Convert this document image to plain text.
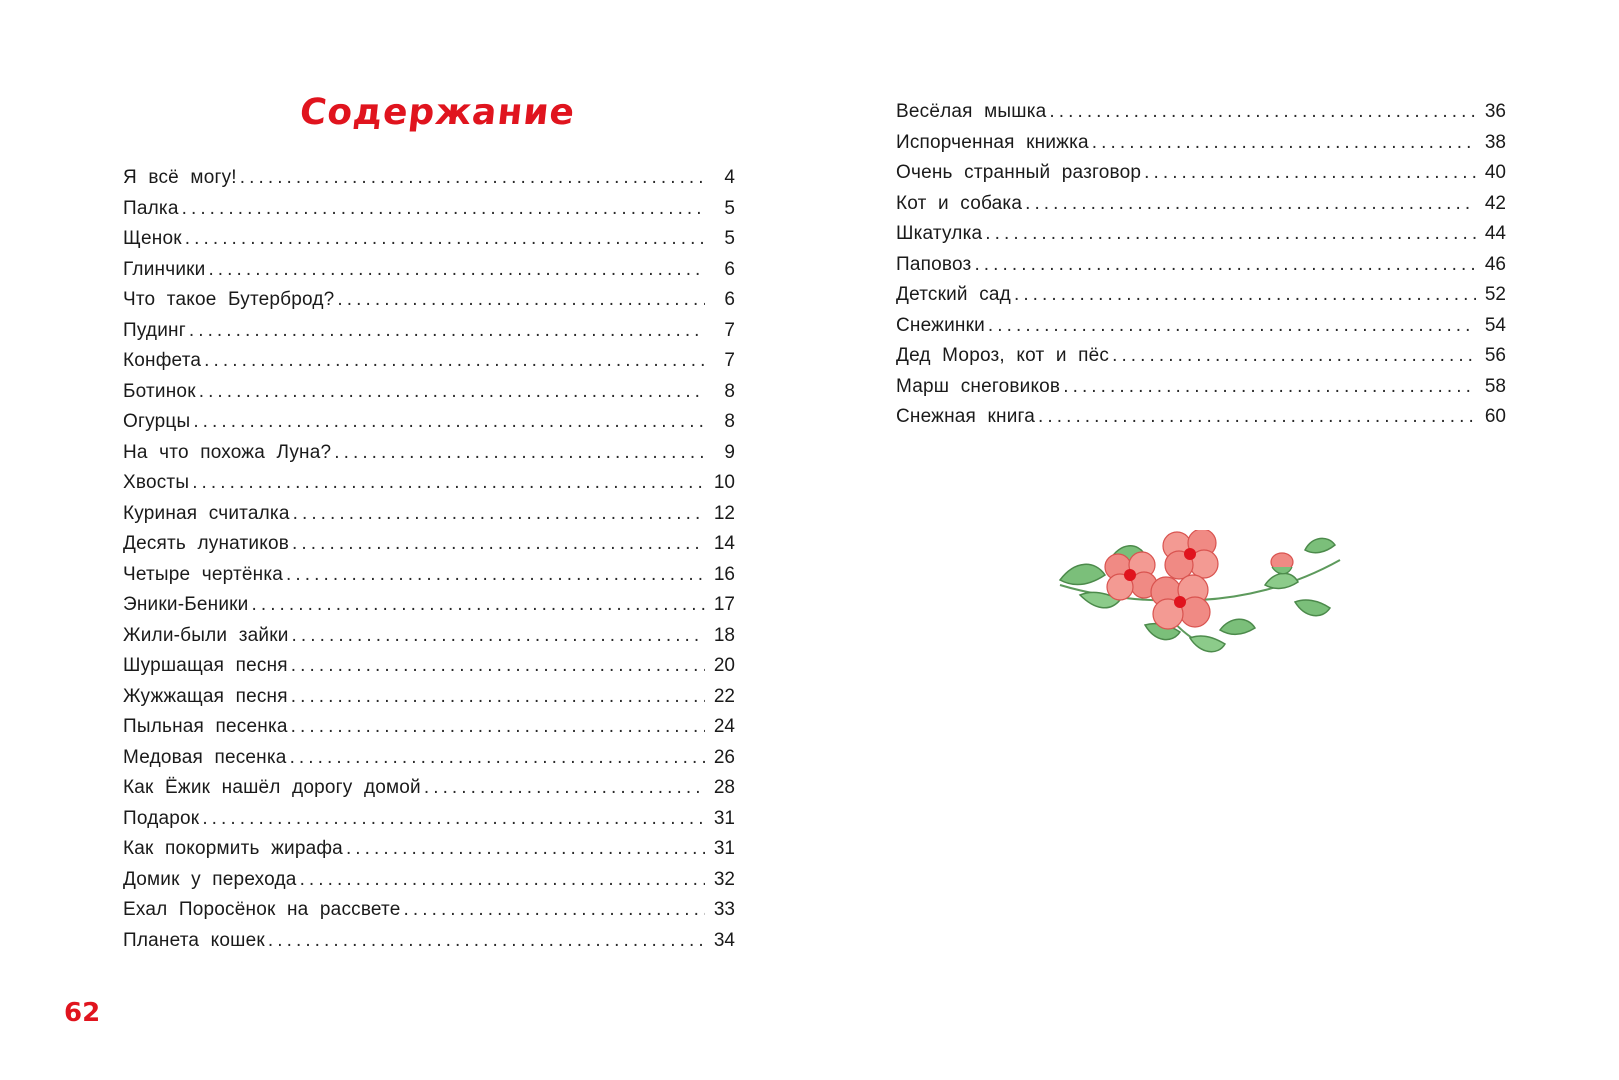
Содержание
Я всё могу! . . .	4
Палка . . .	5
Щенок . . .	5
Глинчики . . .	6
Что такое Бутерброд? . . .	6
Пудинг . . .	7
Конфета . . .	7
Ботинок . . .	8
Огурцы . . .	8
На что похожа Луна? . . .	9
Хвосты . . .	10
Куриная считалка . . .	12
Десять лунатиков . . .	14
Четыре чертёнка . . .	16
Эники-Беники . . .	17
Жили-были зайки . . .	18
Шуршащая песня . . .	20
Жужжащая песня . . .	22
Пыльная песенка . . .	24
Медовая песенка . . .	26
Как Ёжик нашёл дорогу домой . . .	28
Подарок . . .	31
Как покормить жирафа . . .	31
Домик у перехода . . .	32
Ехал Поросёнок на рассвете . . .	33
Планета кошек . . .	34
Весёлая мышка . . .	36
Испорченная книжка . . .	38
Очень странный разговор . . .	40
Кот и собака . . .	42
Шкатулка . . .	44
Паповоз . . .	46
Детский сад . . .	52
Снежинки . . .	54
Дед Мороз, кот и пёс . . .	56
Марш снеговиков . . .	58
Снежная книга . . .	60

62
